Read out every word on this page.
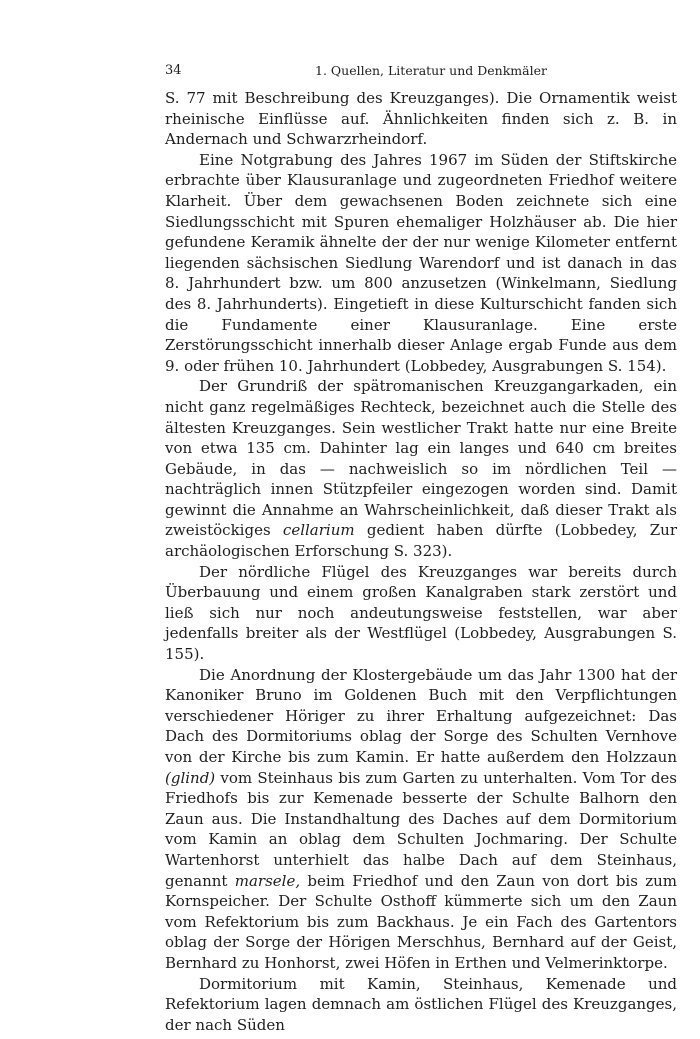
34	1. Quellen, Literatur und Denkmäler

S. 77 mit Beschreibung des Kreuzganges). Die Ornamentik weist rheinische Einflüsse auf. Ähnlichkeiten finden sich z. B. in Andernach und Schwarzrheindorf.

Eine Notgrabung des Jahres 1967 im Süden der Stiftskirche erbrachte über Klausuranlage und zugeordneten Friedhof weitere Klarheit. Über dem gewachsenen Boden zeichnete sich eine Siedlungsschicht mit Spuren ehemaliger Holzhäuser ab. Die hier gefundene Keramik ähnelte der der nur wenige Kilometer entfernt liegenden sächsischen Siedlung Warendorf und ist danach in das 8. Jahrhundert bzw. um 800 anzusetzen (Winkelmann, Siedlung des 8. Jahrhunderts). Eingetieft in diese Kulturschicht fanden sich die Fundamente einer Klausuranlage. Eine erste Zerstörungsschicht innerhalb dieser Anlage ergab Funde aus dem 9. oder frühen 10. Jahrhundert (Lobbedey, Ausgrabungen S. 154).

Der Grundriß der spätromanischen Kreuzgangarkaden, ein nicht ganz regelmäßiges Rechteck, bezeichnet auch die Stelle des ältesten Kreuzganges. Sein westlicher Trakt hatte nur eine Breite von etwa 135 cm. Dahinter lag ein langes und 640 cm breites Gebäude, in das — nachweislich so im nördlichen Teil — nachträglich innen Stützpfeiler eingezogen worden sind. Damit gewinnt die Annahme an Wahrscheinlichkeit, daß dieser Trakt als zweistöckiges cellarium gedient haben dürfte (Lobbedey, Zur archäologischen Erforschung S. 323).

Der nördliche Flügel des Kreuzganges war bereits durch Überbauung und einem großen Kanalgraben stark zerstört und ließ sich nur noch andeutungsweise feststellen, war aber jedenfalls breiter als der Westflügel (Lobbedey, Ausgrabungen S. 155).

Die Anordnung der Klostergebäude um das Jahr 1300 hat der Kanoniker Bruno im Goldenen Buch mit den Verpflichtungen verschiedener Höriger zu ihrer Erhaltung aufgezeichnet: Das Dach des Dormitoriums oblag der Sorge des Schulten Vernhove von der Kirche bis zum Kamin. Er hatte außerdem den Holzzaun (glind) vom Steinhaus bis zum Garten zu unterhalten. Vom Tor des Friedhofs bis zur Kemenade besserte der Schulte Balhorn den Zaun aus. Die Instandhaltung des Daches auf dem Dormitorium vom Kamin an oblag dem Schulten Jochmaring. Der Schulte Wartenhorst unterhielt das halbe Dach auf dem Steinhaus, genannt marsele, beim Friedhof und den Zaun von dort bis zum Kornspeicher. Der Schulte Osthoff kümmerte sich um den Zaun vom Refektorium bis zum Backhaus. Je ein Fach des Gartentors oblag der Sorge der Hörigen Merschhus, Bernhard auf der Geist, Bernhard zu Honhorst, zwei Höfen in Erthen und Velmerinktorpe.

Dormitorium mit Kamin, Steinhaus, Kemenade und Refektorium lagen demnach am östlichen Flügel des Kreuzganges, der nach Süden
